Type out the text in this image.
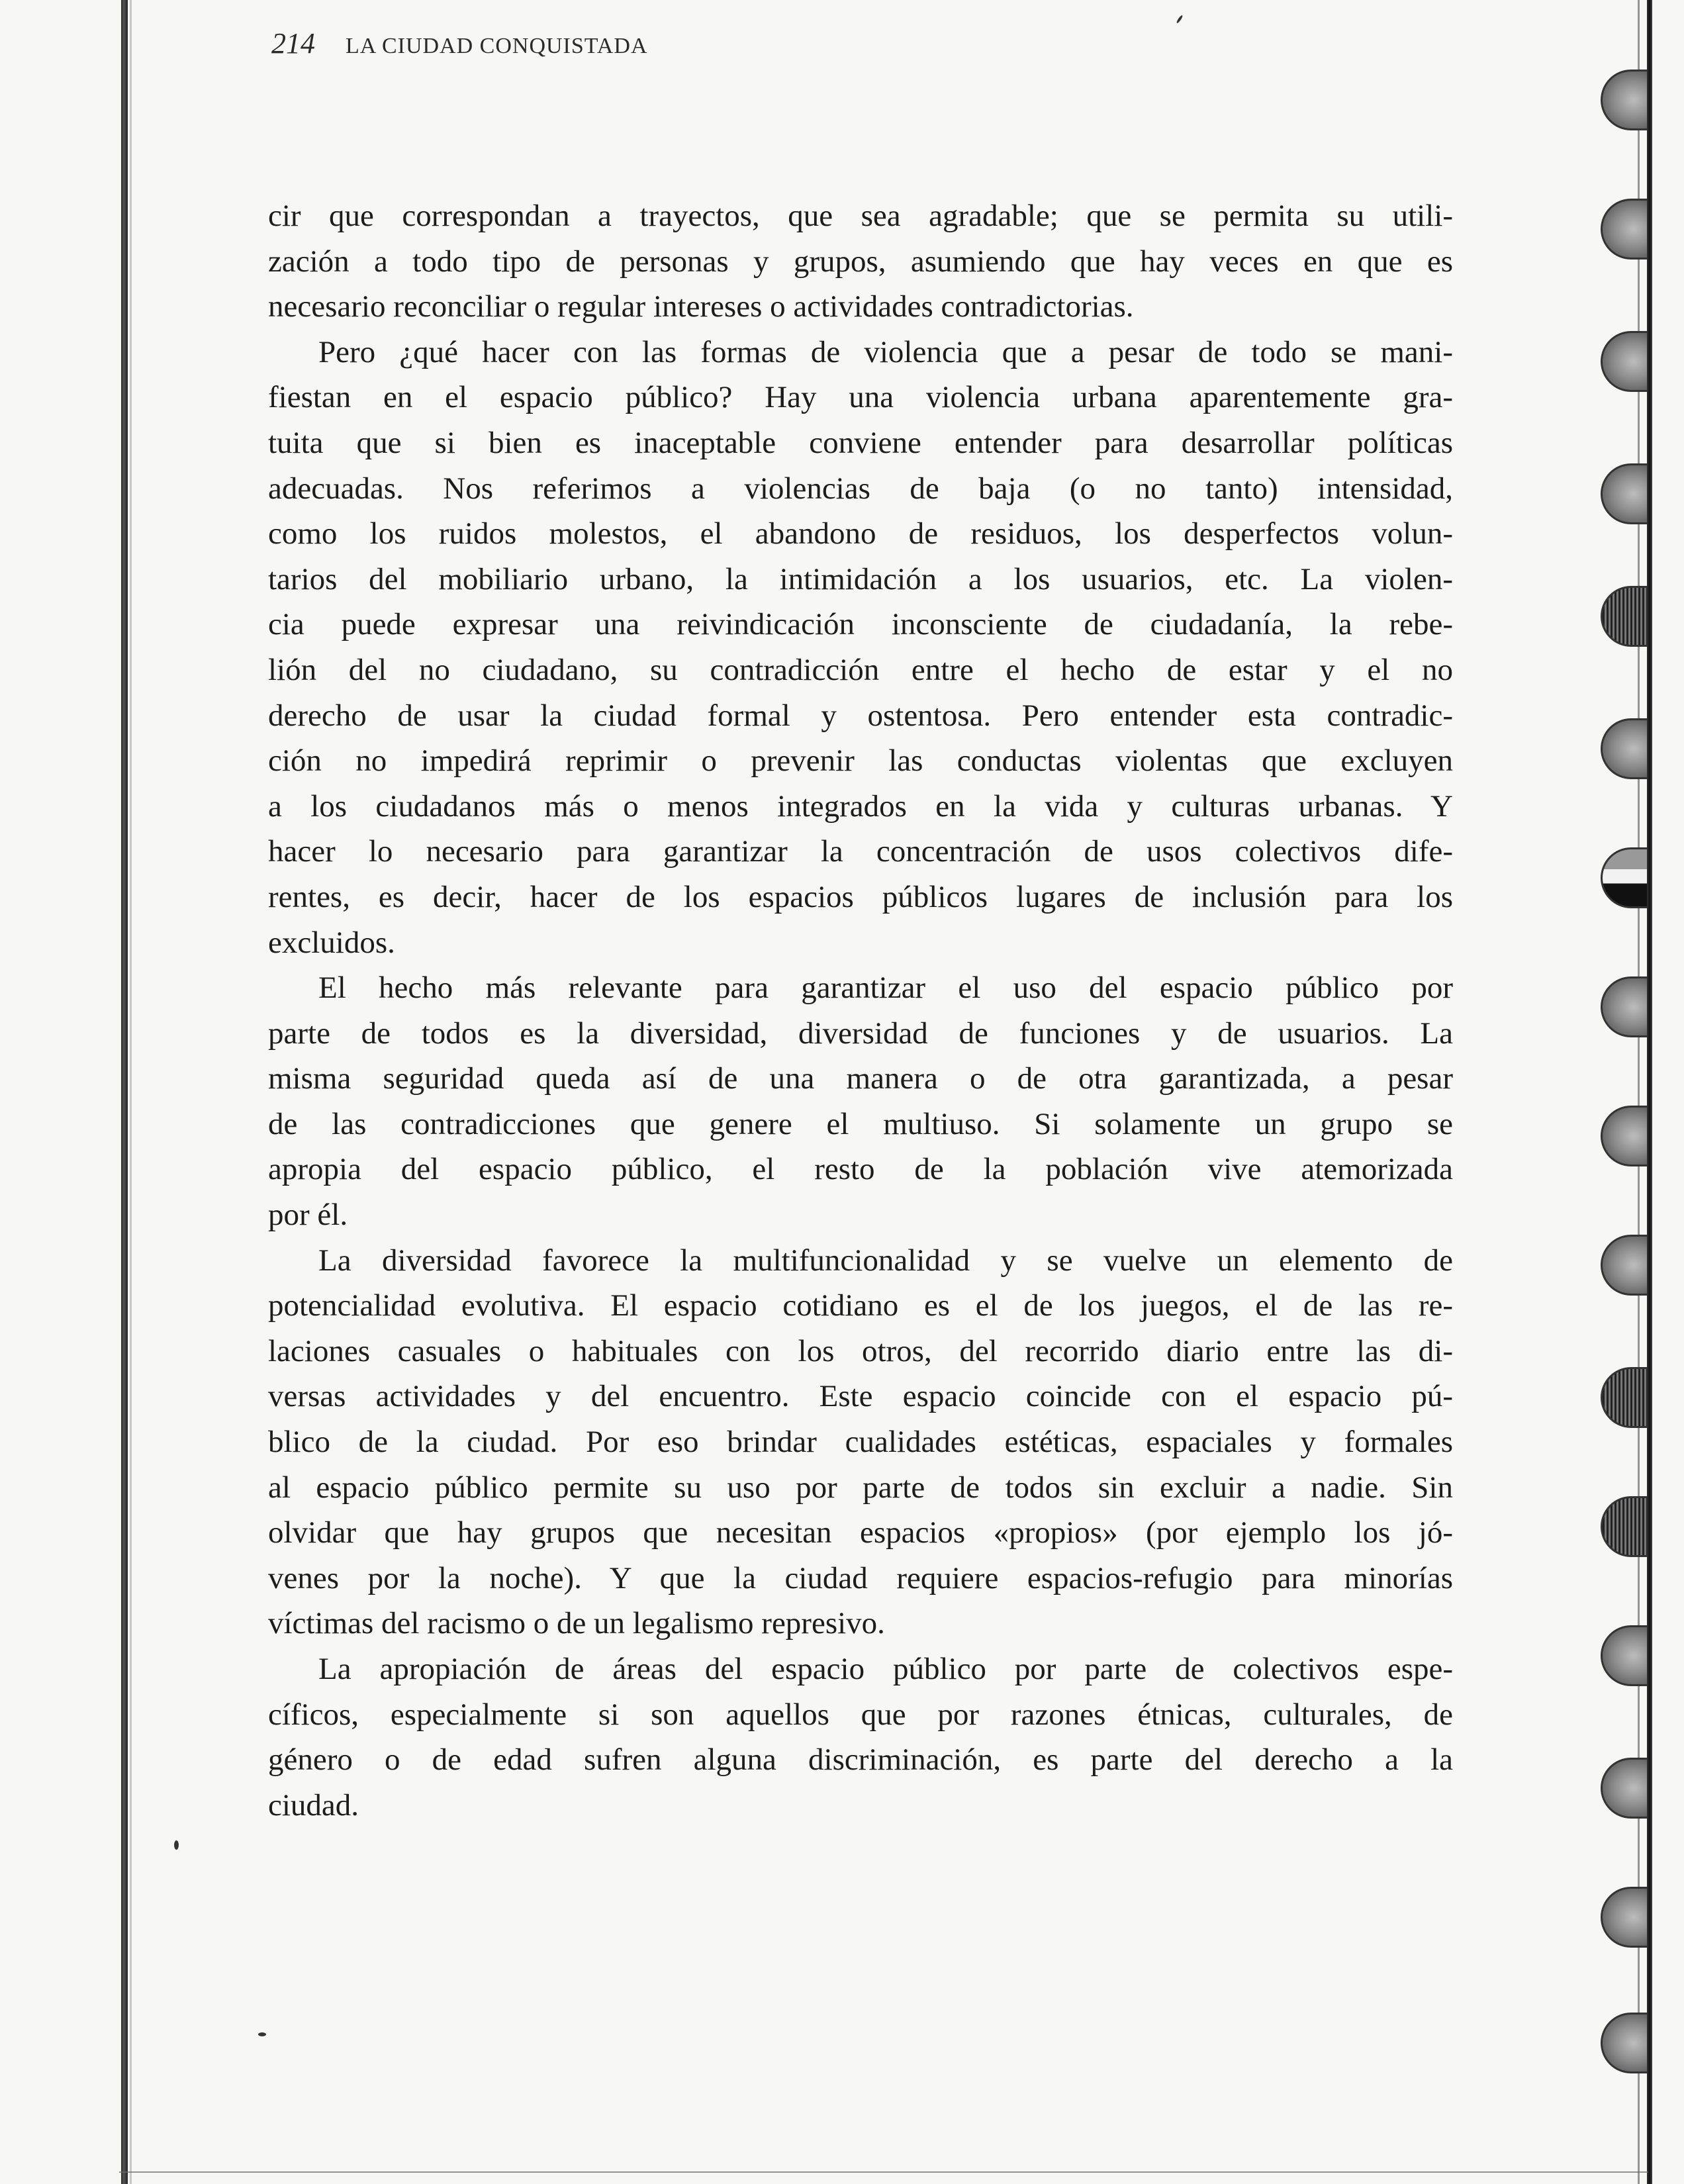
214 LA CIUDAD CONQUISTADA
cir que correspondan a trayectos, que sea agradable; que se permita su utili-
zación a todo tipo de personas y grupos, asumiendo que hay veces en que es
necesario reconciliar o regular intereses o actividades contradictorias.
Pero ¿qué hacer con las formas de violencia que a pesar de todo se mani-
fiestan en el espacio público? Hay una violencia urbana aparentemente gra-
tuita que si bien es inaceptable conviene entender para desarrollar políticas
adecuadas. Nos referimos a violencias de baja (o no tanto) intensidad,
como los ruidos molestos, el abandono de residuos, los desperfectos volun-
tarios del mobiliario urbano, la intimidación a los usuarios, etc. La violen-
cia puede expresar una reivindicación inconsciente de ciudadanía, la rebe-
lión del no ciudadano, su contradicción entre el hecho de estar y el no
derecho de usar la ciudad formal y ostentosa. Pero entender esta contradic-
ción no impedirá reprimir o prevenir las conductas violentas que excluyen
a los ciudadanos más o menos integrados en la vida y culturas urbanas. Y
hacer lo necesario para garantizar la concentración de usos colectivos dife-
rentes, es decir, hacer de los espacios públicos lugares de inclusión para los
excluidos.
El hecho más relevante para garantizar el uso del espacio público por
parte de todos es la diversidad, diversidad de funciones y de usuarios. La
misma seguridad queda así de una manera o de otra garantizada, a pesar
de las contradicciones que genere el multiuso. Si solamente un grupo se
apropia del espacio público, el resto de la población vive atemorizada
por él.
La diversidad favorece la multifuncionalidad y se vuelve un elemento de
potencialidad evolutiva. El espacio cotidiano es el de los juegos, el de las re-
laciones casuales o habituales con los otros, del recorrido diario entre las di-
versas actividades y del encuentro. Este espacio coincide con el espacio pú-
blico de la ciudad. Por eso brindar cualidades estéticas, espaciales y formales
al espacio público permite su uso por parte de todos sin excluir a nadie. Sin
olvidar que hay grupos que necesitan espacios «propios» (por ejemplo los jó-
venes por la noche). Y que la ciudad requiere espacios-refugio para minorías
víctimas del racismo o de un legalismo represivo.
La apropiación de áreas del espacio público por parte de colectivos espe-
cíficos, especialmente si son aquellos que por razones étnicas, culturales, de
género o de edad sufren alguna discriminación, es parte del derecho a la
ciudad.
